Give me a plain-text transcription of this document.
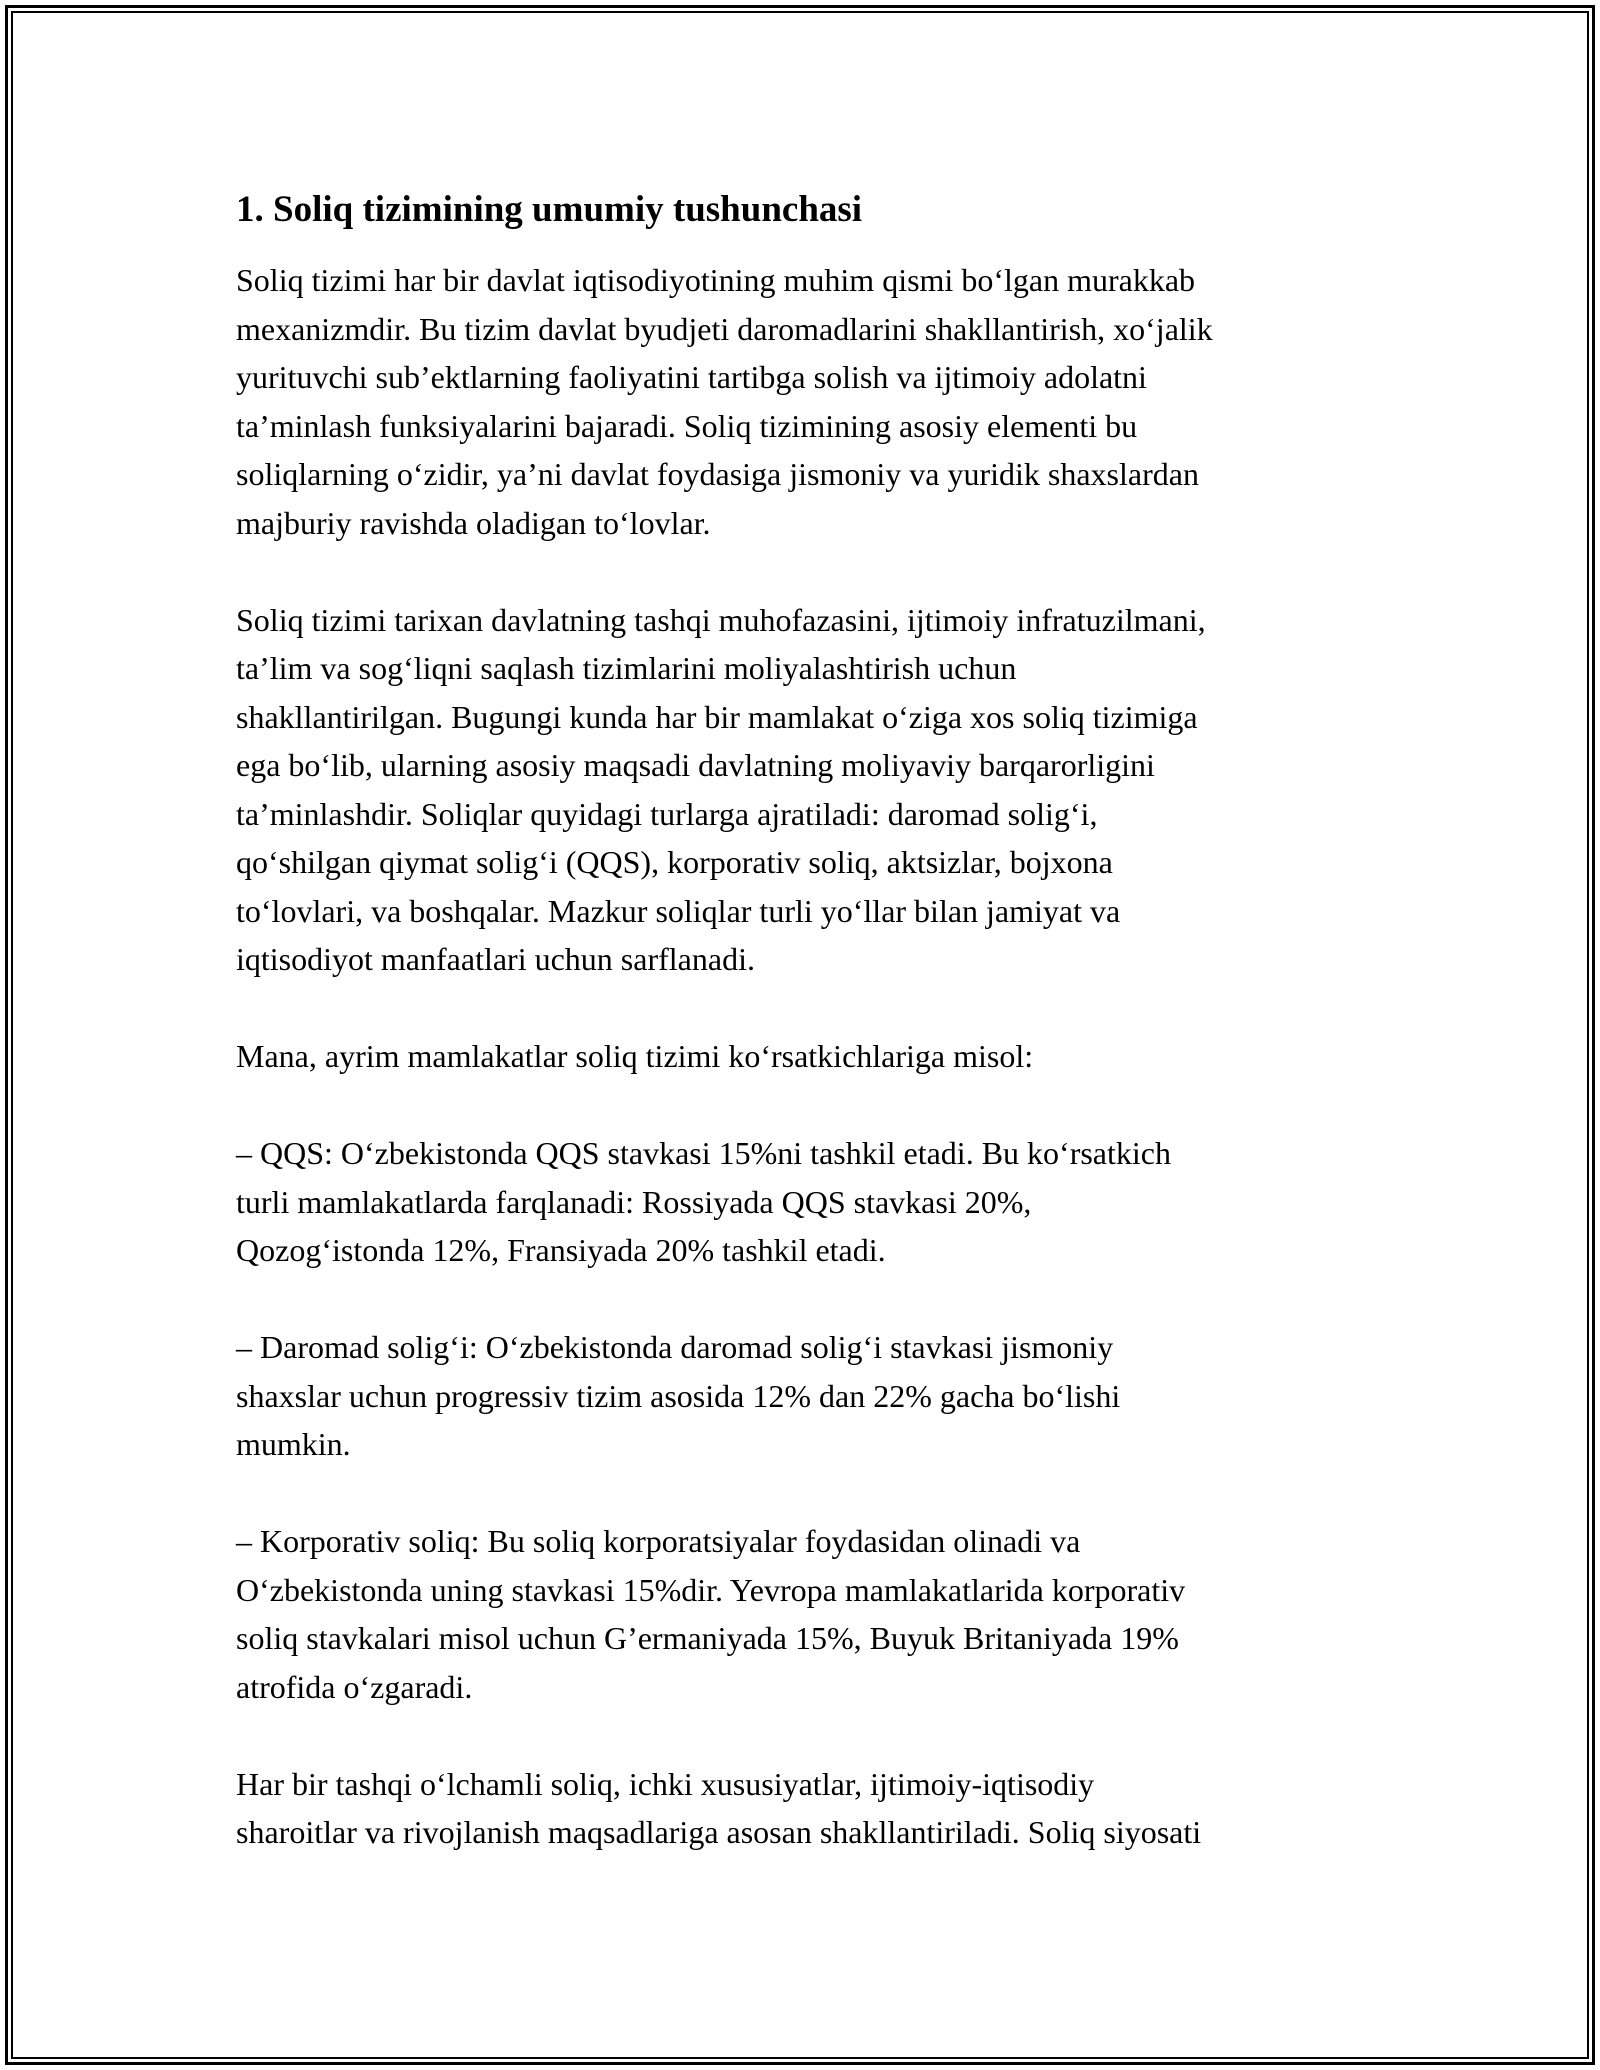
1. Soliq tizimining umumiy tushunchasi

Soliq tizimi har bir davlat iqtisodiyotining muhim qismi bo‘lgan murakkab
mexanizmdir. Bu tizim davlat byudjeti daromadlarini shakllantirish, xo‘jalik
yurituvchi sub’ektlarning faoliyatini tartibga solish va ijtimoiy adolatni
ta’minlash funksiyalarini bajaradi. Soliq tizimining asosiy elementi bu
soliqlarning o‘zidir, ya’ni davlat foydasiga jismoniy va yuridik shaxslardan
majburiy ravishda oladigan to‘lovlar.

Soliq tizimi tarixan davlatning tashqi muhofazasini, ijtimoiy infratuzilmani,
ta’lim va sog‘liqni saqlash tizimlarini moliyalashtirish uchun
shakllantirilgan. Bugungi kunda har bir mamlakat o‘ziga xos soliq tizimiga
ega bo‘lib, ularning asosiy maqsadi davlatning moliyaviy barqarorligini
ta’minlashdir. Soliqlar quyidagi turlarga ajratiladi: daromad solig‘i,
qo‘shilgan qiymat solig‘i (QQS), korporativ soliq, aktsizlar, bojxona
to‘lovlari, va boshqalar. Mazkur soliqlar turli yo‘llar bilan jamiyat va
iqtisodiyot manfaatlari uchun sarflanadi.

Mana, ayrim mamlakatlar soliq tizimi ko‘rsatkichlariga misol:

– QQS: O‘zbekistonda QQS stavkasi 15%ni tashkil etadi. Bu ko‘rsatkich
turli mamlakatlarda farqlanadi: Rossiyada QQS stavkasi 20%,
Qozog‘istonda 12%, Fransiyada 20% tashkil etadi.

– Daromad solig‘i: O‘zbekistonda daromad solig‘i stavkasi jismoniy
shaxslar uchun progressiv tizim asosida 12% dan 22% gacha bo‘lishi
mumkin.

– Korporativ soliq: Bu soliq korporatsiyalar foydasidan olinadi va
O‘zbekistonda uning stavkasi 15%dir. Yevropa mamlakatlarida korporativ
soliq stavkalari misol uchun G’ermaniyada 15%, Buyuk Britaniyada 19%
atrofida o‘zgaradi.

Har bir tashqi o‘lchamli soliq, ichki xususiyatlar, ijtimoiy-iqtisodiy
sharoitlar va rivojlanish maqsadlariga asosan shakllantiriladi. Soliq siyosati
